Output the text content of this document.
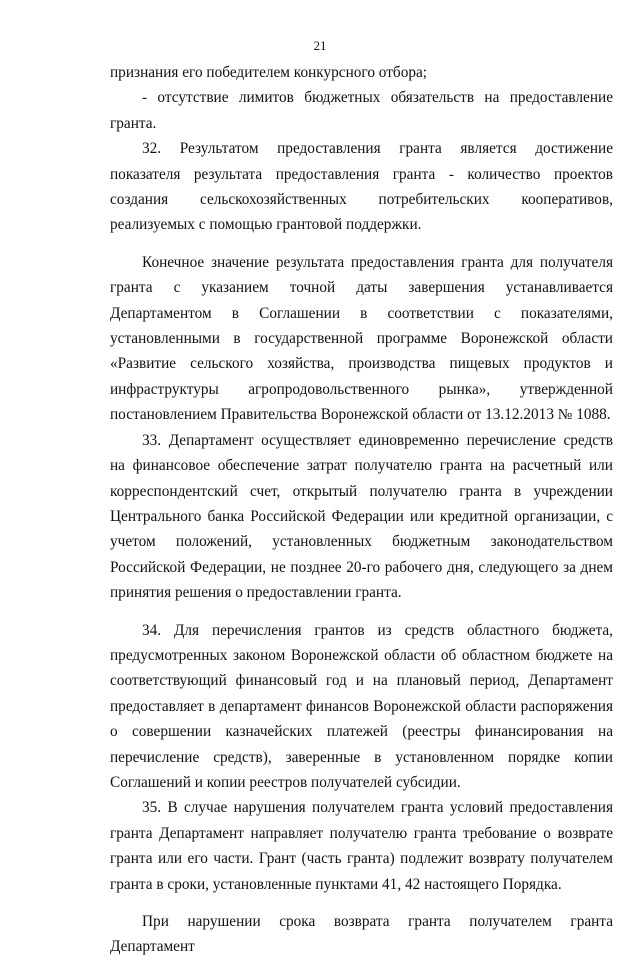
21

признания его победителем конкурсного отбора;

- отсутствие лимитов бюджетных обязательств на предоставление гранта.

32. Результатом предоставления гранта является достижение показателя результата предоставления гранта - количество проектов создания сельскохозяйственных потребительских кооперативов, реализуемых с помощью грантовой поддержки.

Конечное значение результата предоставления гранта для получателя гранта с указанием точной даты завершения устанавливается Департаментом в Соглашении в соответствии с показателями, установленными в государственной программе Воронежской области «Развитие сельского хозяйства, производства пищевых продуктов и инфраструктуры агропродовольственного рынка», утвержденной постановлением Правительства Воронежской области от 13.12.2013 № 1088.

33. Департамент осуществляет единовременно перечисление средств на финансовое обеспечение затрат получателю гранта на расчетный или корреспондентский счет, открытый получателю гранта в учреждении Центрального банка Российской Федерации или кредитной организации, с учетом положений, установленных бюджетным законодательством Российской Федерации, не позднее 20-го рабочего дня, следующего за днем принятия решения о предоставлении гранта.

34. Для перечисления грантов из средств областного бюджета, предусмотренных законом Воронежской области об областном бюджете на соответствующий финансовый год и на плановый период, Департамент предоставляет в департамент финансов Воронежской области распоряжения о совершении казначейских платежей (реестры финансирования на перечисление средств), заверенные в установленном порядке копии Соглашений и копии реестров получателей субсидии.

35. В случае нарушения получателем гранта условий предоставления гранта Департамент направляет получателю гранта требование о возврате гранта или его части. Грант (часть гранта) подлежит возврату получателем гранта в сроки, установленные пунктами 41, 42 настоящего Порядка.

При нарушении срока возврата гранта получателем гранта Департамент
